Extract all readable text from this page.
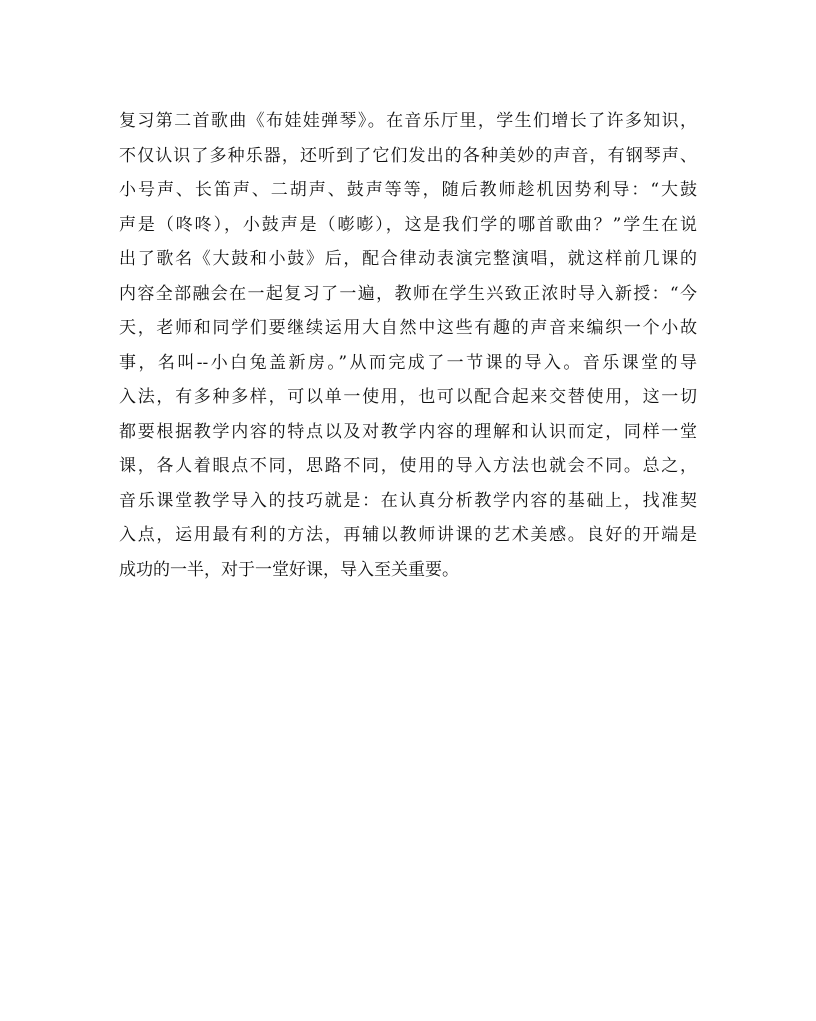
复习第二首歌曲《布娃娃弹琴》。在音乐厅里，学生们增长了许多知识，
不仅认识了多种乐器，还听到了它们发出的各种美妙的声音，有钢琴声、
小号声、长笛声、二胡声、鼓声等等，随后教师趁机因势利导：“大鼓
声是（咚咚），小鼓声是（嘭嘭），这是我们学的哪首歌曲？”学生在说
出了歌名《大鼓和小鼓》后，配合律动表演完整演唱，就这样前几课的
内容全部融会在一起复习了一遍，教师在学生兴致正浓时导入新授：“今
天，老师和同学们要继续运用大自然中这些有趣的声音来编织一个小故
事，名叫--小白兔盖新房。”从而完成了一节课的导入。音乐课堂的导
入法，有多种多样，可以单一使用，也可以配合起来交替使用，这一切
都要根据教学内容的特点以及对教学内容的理解和认识而定，同样一堂
课，各人着眼点不同，思路不同，使用的导入方法也就会不同。总之，
音乐课堂教学导入的技巧就是：在认真分析教学内容的基础上，找准契
入点，运用最有利的方法，再辅以教师讲课的艺术美感。良好的开端是
成功的一半，对于一堂好课，导入至关重要。
